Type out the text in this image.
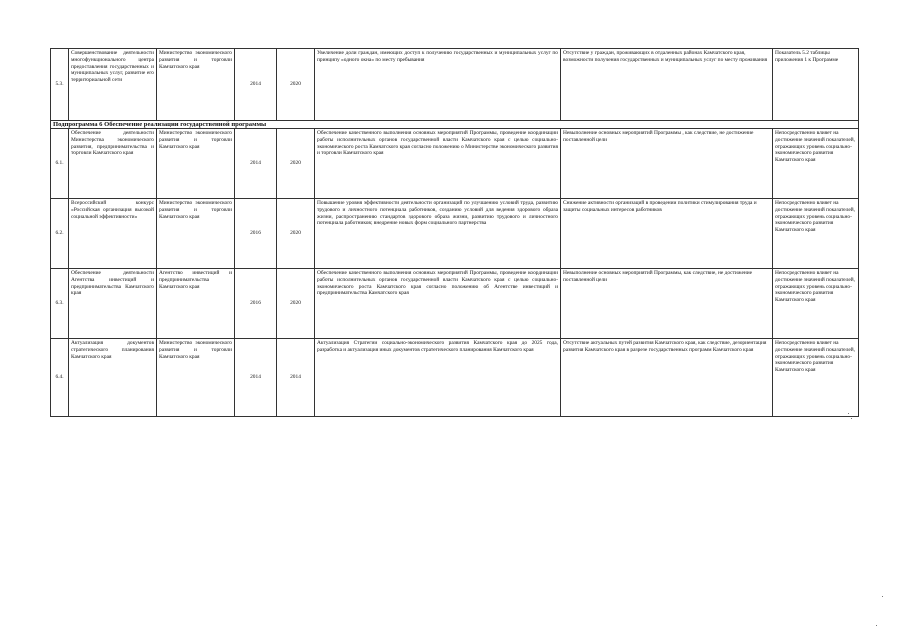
5.3.	Совершенствование деятельности многофункционального центра предоставления государственных и муниципальных услуг, развитие его территориальной сети	Министерство экономического развития и торговли Камчатского края	2014	2020	Увеличение доли граждан, имеющих доступ к получению государственных и муниципальных услуг по принципу «одного окна» по месту пребывания	Отсутствие у граждан, проживающих в отдаленных районах Камчатского края, возможности получения государственных и муниципальных услуг по месту проживания	Показатель 5.2 таблицы приложения 1 к Программе
Подпрограмма 6 Обеспечение реализации государственной программы							
6.1.	Обеспечение деятельности Министерства экономического развития, предпринимательства и торговли Камчатского края	Министерство экономического развития и торговли Камчатского края	2014	2020	Обеспечение качественного выполнения основных мероприятий Программы, проведение координации работы исполнительных органов государственной власти Камчатского края с целью социально-экономического роста Камчатского края согласно положению о Министерстве экономического развития и торговли Камчатского края	Невыполнение основных мероприятий Программы , как следствие, не достижение поставленной цели	Непосредственно влияет на достижение значений показателей, отражающих уровень социально-экономического развития Камчатского края
6.2.	Всероссийский конкурс «Российская организация высокой социальной эффективности»	Министерство экономического развития и торговли Камчатского края	2016	2020	Повышение уровня эффективности деятельности организаций по улучшению условий труда, развитию трудового и личностного потенциала работников, созданию условий для ведения здорового образа жизни, распространению стандартов здорового образа жизни, развитию трудового и личностного потенциала работников; внедрение новых форм социального партнерства	Снижение активности организаций в проведении политики стимулирования труда и защиты социальных интересов работников	Непосредственно влияет на достижение значений показателей, отражающих уровень социально-экономического развития Камчатского края
6.3.	Обеспечение деятельности Агентства инвестиций и предпринимательства Камчатского края	Агентство инвестиций и предпринимательства Камчатского края	2016	2020	Обеспечение качественного выполнения основных мероприятий Программы, проведение координации работы исполнительных органов государственной власти Камчатского края с целью социально-экономического роста Камчатского края согласно положению об Агентстве инвестиций и предпринимательства Камчатского края	Невыполнение основных мероприятий Программы, как следствие, не достижение поставленной цели	Непосредственно влияет на достижение значений показателей, отражающих уровень социально-экономического развития Камчатского края
6.4.	Актуализация документов стратегического планирования Камчатского края	Министерство экономического развития и торговли Камчатского края	2014	2014	Актуализация Стратегии социально-экономического развития Камчатского края до 2025 года, разработка и актуализация иных документов стратегического планирования Камчатского края	Отсутствие актуальных путей развития Камчатского края, как следствие, дезориентация развития Камчатского края в разрезе государственных программ Камчатского края	Непосредственно влияет на достижение значений показателей, отражающих уровень социально-экономического развития Камчатского края
